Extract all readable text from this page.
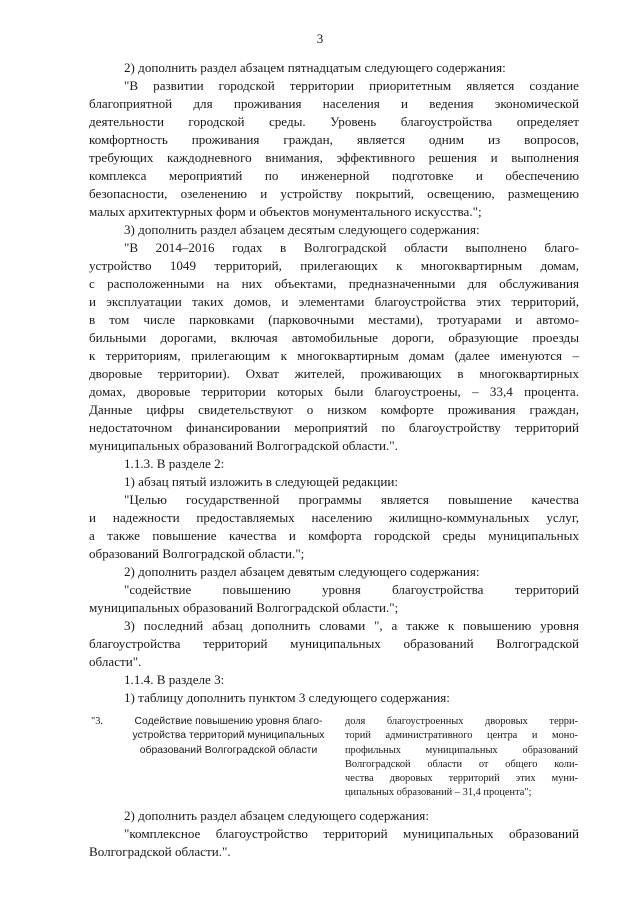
3

2) дополнить раздел абзацем пятнадцатым следующего содержания:

"В развитии городской территории приоритетным является создание

благоприятной для проживания населения и ведения экономической

деятельности городской среды. Уровень благоустройства определяет

комфортность проживания граждан, является одним из вопросов,

требующих каждодневного внимания, эффективного решения и выполнения

комплекса мероприятий по инженерной подготовке и обеспечению

безопасности, озеленению и устройству покрытий, освещению, размещению

малых архитектурных форм и объектов монументального искусства.";

3) дополнить раздел абзацем десятым следующего содержания:

"В 2014–2016 годах в Волгоградской области выполнено благо-

устройство 1049 территорий, прилегающих к многоквартирным домам,

с расположенными на них объектами, предназначенными для обслуживания

и эксплуатации таких домов, и элементами благоустройства этих территорий,

в том числе парковками (парковочными местами), тротуарами и автомо-

бильными дорогами, включая автомобильные дороги, образующие проезды

к территориям, прилегающим к многоквартирным домам (далее именуются –

дворовые территории). Охват жителей, проживающих в многоквартирных

домах, дворовые территории которых были благоустроены, – 33,4 процента.

Данные цифры свидетельствуют о низком комфорте проживания граждан,

недостаточном финансировании мероприятий по благоустройству территорий

муниципальных образований Волгоградской области.".

1.1.3. В разделе 2:

1) абзац пятый изложить в следующей редакции:

"Целью государственной программы является повышение качества

и надежности предоставляемых населению жилищно-коммунальных услуг,

а также повышение качества и комфорта городской среды муниципальных

образований Волгоградской области.";

2) дополнить раздел абзацем девятым следующего содержания:

"содействие повышению уровня благоустройства территорий

муниципальных образований Волгоградской области.";

3) последний абзац дополнить словами ", а также к повышению уровня

благоустройства территорий муниципальных образований Волгоградской

области".

1.1.4. В разделе 3:

1) таблицу дополнить пунктом 3 следующего содержания:

"3.	Содействие повышению уровня благо-
устройства территорий муниципальных
образований Волгоградской области

доля благоустроенных дворовых терри-

торий административного центра и моно-

профильных муниципальных образований

Волгоградской области от общего коли-

чества дворовых территорий этих муни-

ципальных образований – 31,4 процента";

2) дополнить раздел абзацем следующего содержания:

"комплексное благоустройство территорий муниципальных образований

Волгоградской области.".
